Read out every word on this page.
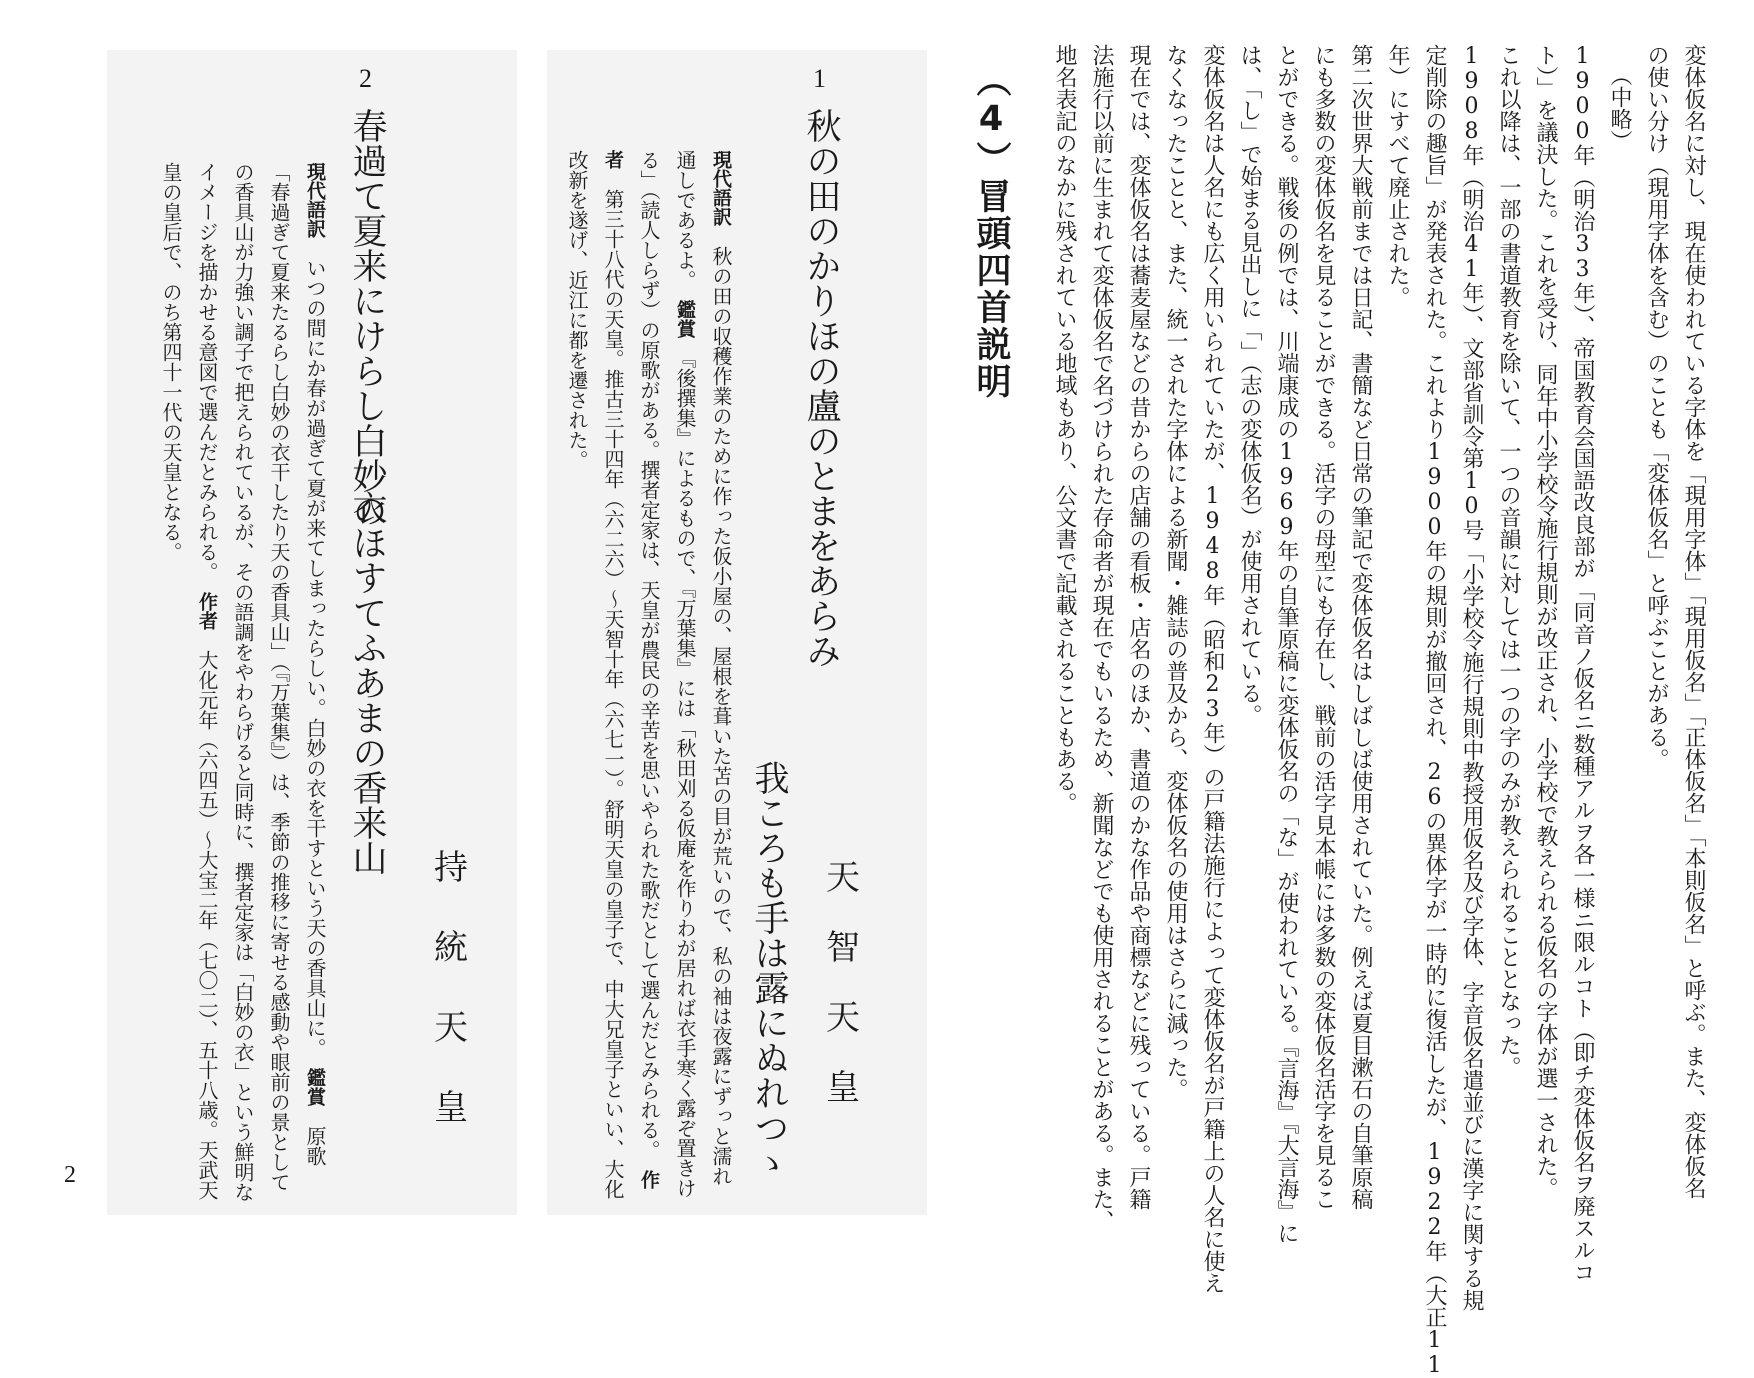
変体仮名に対し、現在使われている字体を「現用字体」「現用仮名」「正体仮名」「本則仮名」と呼ぶ。また、変体仮名

の使い分け（現用字体を含む）のことも「変体仮名」と呼ぶことがある。

（中略）

1900年（明治33年）、帝国教育会国語改良部が「同音ノ仮名ニ数種アルヲ各一様ニ限ルコト（即チ変体仮名ヲ廃スルコ

ト）」を議決した。これを受け、同年中小学校令施行規則が改正され、小学校で教えられる仮名の字体が選一された。

これ以降は、一部の書道教育を除いて、一つの音韻に対しては一つの字のみが教えられることとなった。

1908年（明治41年）、文部省訓令第10号「小学校令施行規則中教授用仮名及び字体、字音仮名遣並びに漢字に関する規

定削除の趣旨」が発表された。これより1900年の規則が撤回され、26の異体字が一時的に復活したが、1922年（大正11

年）にすべて廃止された。

第二次世界大戦前までは日記、書簡など日常の筆記で変体仮名はしばしば使用されていた。例えば夏目漱石の自筆原稿

にも多数の変体仮名を見ることができる。活字の母型にも存在し、戦前の活字見本帳には多数の変体仮名活字を見るこ

とができる。戦後の例では、川端康成の1969年の自筆原稿に変体仮名の「な」が使われている。『言海』『大言海』に

は、「し」で始まる見出しに「」（志の変体仮名）が使用されている。

変体仮名は人名にも広く用いられていたが、1948年（昭和23年）の戸籍法施行によって変体仮名が戸籍上の人名に使え

なくなったことと、また、統一された字体による新聞・雑誌の普及から、変体仮名の使用はさらに減った。

現在では、変体仮名は蕎麦屋などの昔からの店舗の看板・店名のほか、書道のかな作品や商標などに残っている。戸籍

法施行以前に生まれて変体仮名で名づけられた存命者が現在でもいるため、新聞などでも使用されることがある。また、

地名表記のなかに残されている地域もあり、公文書で記載されることもある。

（4）冒頭四首説明
1

秋の田のかりほの盧のとまをあらみ

我ころも手は露にぬれつゝ 天
智
天
皇
現代語訳　秋の田の収穫作業のために作った仮小屋の、屋根を葺いた苫の目が荒いので、私の袖は夜露にずっと濡れ通しであるよ。　鑑賞　『後撰集』によるもので、『万葉集』には「秋田刈る仮庵を作りわが居れば衣手寒く露ぞ置きける」（読人しらず）の原歌がある。撰者定家は、天皇が農民の辛苦を思いやられた歌だとして選んだとみられる。　作者　第三十八代の天皇。推古三十四年（六二六）～天智十年（六七一）。舒明天皇の皇子で、中大兄皇子といい、大化改新を遂げ、近江に都を遷された。
2

春過て夏来にけらし白妙の

衣ほすてふあまの香来山 持
統
天
皇
現代語訳　いつの間にか春が過ぎて夏が来てしまったらしい。白妙の衣を干すという天の香具山に。　鑑賞　原歌「春過ぎて夏来たるらし白妙の衣干したり天の香具山」（『万葉集』）は、季節の推移に寄せる感動や眼前の景としての香具山が力強い調子で把えられているが、その語調をやわらげると同時に、撰者定家は「白妙の衣」という鮮明なイメージを描かせる意図で選んだとみられる。　作者　大化元年（六四五）～大宝二年（七〇二）、五十八歳。天武天皇の皇后で、のち第四十一代の天皇となる。
2
